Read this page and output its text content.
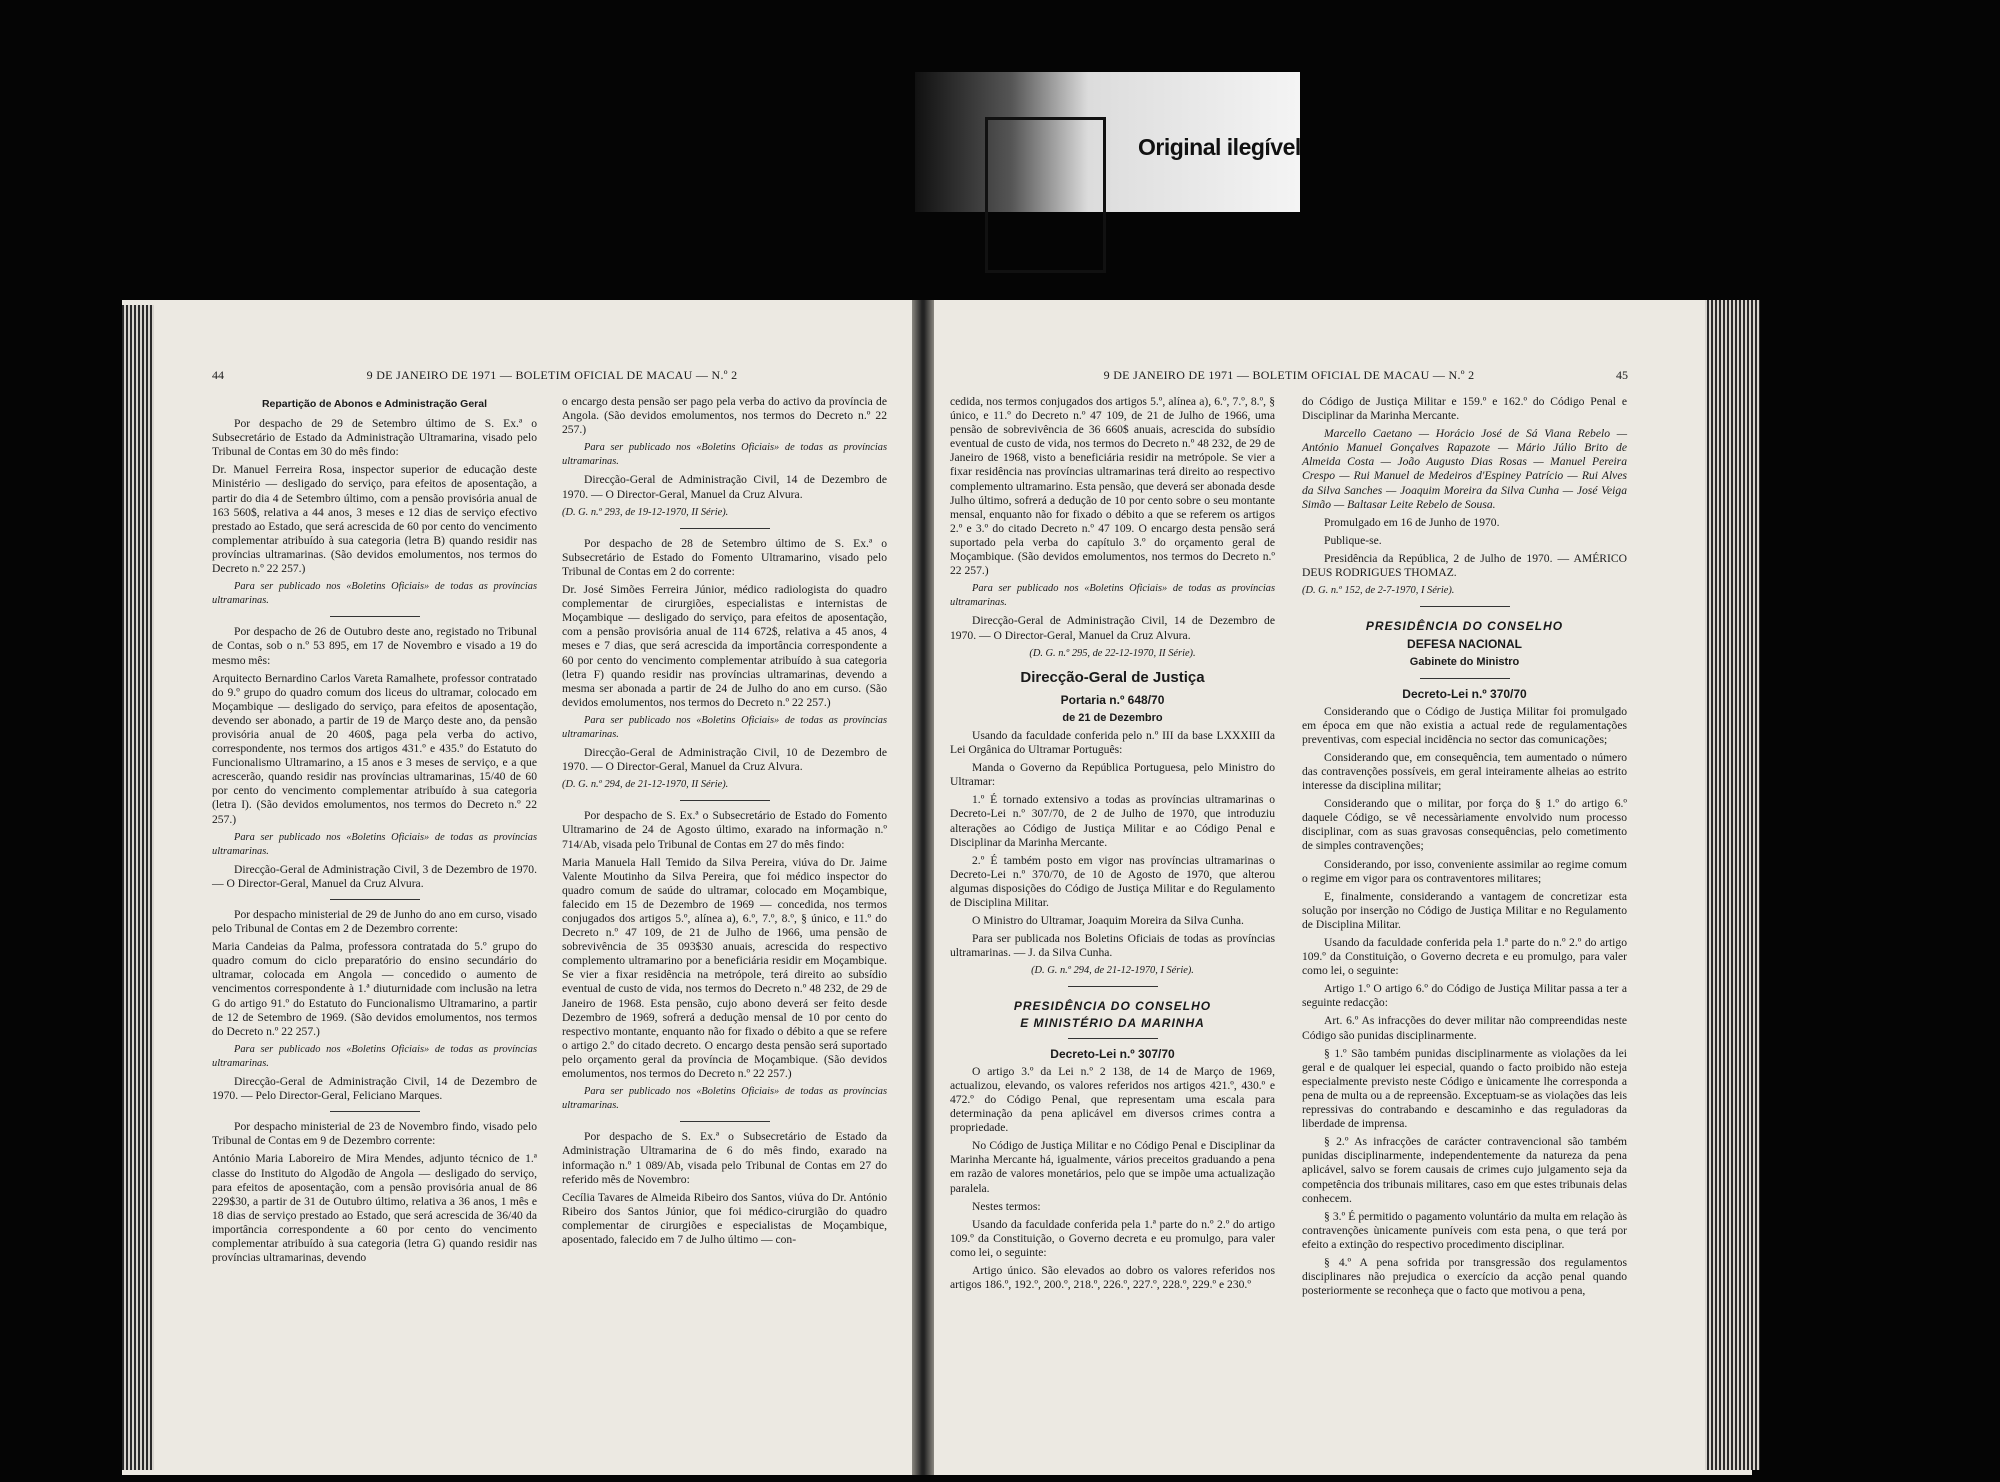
Original ilegível
44	9 DE JANEIRO DE 1971 — BOLETIM OFICIAL DE MACAU — N.º 2
Repartição de Abonos e Administração Geral

Por despacho de 29 de Setembro último de S. Ex.ª o Subsecretário de Estado da Administração Ultramarina, visado pelo Tribunal de Contas em 30 do mês findo:

Dr. Manuel Ferreira Rosa, inspector superior de educação deste Ministério — desligado do serviço, para efeitos de aposentação, a partir do dia 4 de Setembro último, com a pensão provisória anual de 163 560$, relativa a 44 anos, 3 meses e 12 dias de serviço efectivo prestado ao Estado, que será acrescida de 60 por cento do vencimento complementar atribuído à sua categoria (letra B) quando residir nas províncias ultramarinas. (São devidos emolumentos, nos termos do Decreto n.º 22 257.)

Para ser publicado nos «Boletins Oficiais» de todas as províncias ultramarinas.

Por despacho de 26 de Outubro deste ano, registado no Tribunal de Contas, sob o n.º 53 895, em 17 de Novembro e visado a 19 do mesmo mês:

Arquitecto Bernardino Carlos Vareta Ramalhete, professor contratado do 9.º grupo do quadro comum dos liceus do ultramar, colocado em Moçambique — desligado do serviço, para efeitos de aposentação, devendo ser abonado, a partir de 19 de Março deste ano, da pensão provisória anual de 20 460$, paga pela verba do activo, correspondente, nos termos dos artigos 431.º e 435.º do Estatuto do Funcionalismo Ultramarino, a 15 anos e 3 meses de serviço, e a que acrescerão, quando residir nas províncias ultramarinas, 15/40 de 60 por cento do vencimento complementar atribuído à sua categoria (letra I). (São devidos emolumentos, nos termos do Decreto n.º 22 257.)

Para ser publicado nos «Boletins Oficiais» de todas as províncias ultramarinas.

Direcção-Geral de Administração Civil, 3 de Dezembro de 1970. — O Director-Geral, Manuel da Cruz Alvura.

Por despacho ministerial de 29 de Junho do ano em curso, visado pelo Tribunal de Contas em 2 de Dezembro corrente:

Maria Candeias da Palma, professora contratada do 5.º grupo do quadro comum do ciclo preparatório do ensino secundário do ultramar, colocada em Angola — concedido o aumento de vencimentos correspondente à 1.ª diuturnidade com inclusão na letra G do artigo 91.º do Estatuto do Funcionalismo Ultramarino, a partir de 12 de Setembro de 1969. (São devidos emolumentos, nos termos do Decreto n.º 22 257.)

Para ser publicado nos «Boletins Oficiais» de todas as províncias ultramarinas.

Direcção-Geral de Administração Civil, 14 de Dezembro de 1970. — Pelo Director-Geral, Feliciano Marques.

Por despacho ministerial de 23 de Novembro findo, visado pelo Tribunal de Contas em 9 de Dezembro corrente:

António Maria Laboreiro de Mira Mendes, adjunto técnico de 1.ª classe do Instituto do Algodão de Angola — desligado do serviço, para efeitos de aposentação, com a pensão provisória anual de 86 229$30, a partir de 31 de Outubro último, relativa a 36 anos, 1 mês e 18 dias de serviço prestado ao Estado, que será acrescida de 36/40 da importância correspondente a 60 por cento do vencimento complementar atribuído à sua categoria (letra G) quando residir nas províncias ultramarinas, devendo

o encargo desta pensão ser pago pela verba do activo da província de Angola. (São devidos emolumentos, nos termos do Decreto n.º 22 257.)

Para ser publicado nos «Boletins Oficiais» de todas as províncias ultramarinas.

Direcção-Geral de Administração Civil, 14 de Dezembro de 1970. — O Director-Geral, Manuel da Cruz Alvura.

(D. G. n.º 293, de 19-12-1970, II Série).

Por despacho de 28 de Setembro último de S. Ex.ª o Subsecretário de Estado do Fomento Ultramarino, visado pelo Tribunal de Contas em 2 do corrente:

Dr. José Simões Ferreira Júnior, médico radiologista do quadro complementar de cirurgiões, especialistas e internistas de Moçambique — desligado do serviço, para efeitos de aposentação, com a pensão provisória anual de 114 672$, relativa a 45 anos, 4 meses e 7 dias, que será acrescida da importância correspondente a 60 por cento do vencimento complementar atribuído à sua categoria (letra F) quando residir nas províncias ultramarinas, devendo a mesma ser abonada a partir de 24 de Julho do ano em curso. (São devidos emolumentos, nos termos do Decreto n.º 22 257.)

Para ser publicado nos «Boletins Oficiais» de todas as províncias ultramarinas.

Direcção-Geral de Administração Civil, 10 de Dezembro de 1970. — O Director-Geral, Manuel da Cruz Alvura.

(D. G. n.º 294, de 21-12-1970, II Série).

Por despacho de S. Ex.ª o Subsecretário de Estado do Fomento Ultramarino de 24 de Agosto último, exarado na informação n.º 714/Ab, visada pelo Tribunal de Contas em 27 do mês findo:

Maria Manuela Hall Temido da Silva Pereira, viúva do Dr. Jaime Valente Moutinho da Silva Pereira, que foi médico inspector do quadro comum de saúde do ultramar, colocado em Moçambique, falecido em 15 de Dezembro de 1969 — concedida, nos termos conjugados dos artigos 5.º, alínea a), 6.º, 7.º, 8.º, § único, e 11.º do Decreto n.º 47 109, de 21 de Julho de 1966, uma pensão de sobrevivência de 35 093$30 anuais, acrescida do respectivo complemento ultramarino por a beneficiária residir em Moçambique. Se vier a fixar residência na metrópole, terá direito ao subsídio eventual de custo de vida, nos termos do Decreto n.º 48 232, de 29 de Janeiro de 1968. Esta pensão, cujo abono deverá ser feito desde Dezembro de 1969, sofrerá a dedução mensal de 10 por cento do respectivo montante, enquanto não for fixado o débito a que se refere o artigo 2.º do citado decreto. O encargo desta pensão será suportado pelo orçamento geral da província de Moçambique. (São devidos emolumentos, nos termos do Decreto n.º 22 257.)

Para ser publicado nos «Boletins Oficiais» de todas as províncias ultramarinas.

Por despacho de S. Ex.ª o Subsecretário de Estado da Administração Ultramarina de 6 do mês findo, exarado na informação n.º 1 089/Ab, visada pelo Tribunal de Contas em 27 do referido mês de Novembro:

Cecília Tavares de Almeida Ribeiro dos Santos, viúva do Dr. António Ribeiro dos Santos Júnior, que foi médico-cirurgião do quadro complementar de cirurgiões e especialistas de Moçambique, aposentado, falecido em 7 de Julho último — con-

9 DE JANEIRO DE 1971 — BOLETIM OFICIAL DE MACAU — N.º 2	45

cedida, nos termos conjugados dos artigos 5.º, alínea a), 6.º, 7.º, 8.º, § único, e 11.º do Decreto n.º 47 109, de 21 de Julho de 1966, uma pensão de sobrevivência de 36 660$ anuais, acrescida do subsídio eventual de custo de vida, nos termos do Decreto n.º 48 232, de 29 de Janeiro de 1968, visto a beneficiária residir na metrópole. Se vier a fixar residência nas províncias ultramarinas terá direito ao respectivo complemento ultramarino. Esta pensão, que deverá ser abonada desde Julho último, sofrerá a dedução de 10 por cento sobre o seu montante mensal, enquanto não for fixado o débito a que se referem os artigos 2.º e 3.º do citado Decreto n.º 47 109. O encargo desta pensão será suportado pela verba do capítulo 3.º do orçamento geral de Moçambique. (São devidos emolumentos, nos termos do Decreto n.º 22 257.)

Para ser publicado nos «Boletins Oficiais» de todas as províncias ultramarinas.

Direcção-Geral de Administração Civil, 14 de Dezembro de 1970. — O Director-Geral, Manuel da Cruz Alvura.

(D. G. n.º 295, de 22-12-1970, II Série).

Direcção-Geral de Justiça
Portaria n.º 648/70
de 21 de Dezembro

Usando da faculdade conferida pelo n.º III da base LXXXIII da Lei Orgânica do Ultramar Português:

Manda o Governo da República Portuguesa, pelo Ministro do Ultramar:

1.º É tornado extensivo a todas as províncias ultramarinas o Decreto-Lei n.º 307/70, de 2 de Julho de 1970, que introduziu alterações ao Código de Justiça Militar e ao Código Penal e Disciplinar da Marinha Mercante.

2.º É também posto em vigor nas províncias ultramarinas o Decreto-Lei n.º 370/70, de 10 de Agosto de 1970, que alterou algumas disposições do Código de Justiça Militar e do Regulamento de Disciplina Militar.

O Ministro do Ultramar, Joaquim Moreira da Silva Cunha.

Para ser publicada nos Boletins Oficiais de todas as províncias ultramarinas. — J. da Silva Cunha.

(D. G. n.º 294, de 21-12-1970, I Série).

PRESIDÊNCIA DO CONSELHO
E MINISTÉRIO DA MARINHA
Decreto-Lei n.º 307/70

O artigo 3.º da Lei n.º 2 138, de 14 de Março de 1969, actualizou, elevando, os valores referidos nos artigos 421.º, 430.º e 472.º do Código Penal, que representam uma escala para determinação da pena aplicável em diversos crimes contra a propriedade.

No Código de Justiça Militar e no Código Penal e Disciplinar da Marinha Mercante há, igualmente, vários preceitos graduando a pena em razão de valores monetários, pelo que se impõe uma actualização paralela.

Nestes termos:

Usando da faculdade conferida pela 1.ª parte do n.º 2.º do artigo 109.º da Constituição, o Governo decreta e eu promulgo, para valer como lei, o seguinte:

Artigo único. São elevados ao dobro os valores referidos nos artigos 186.º, 192.º, 200.º, 218.º, 226.º, 227.º, 228.º, 229.º e 230.º

do Código de Justiça Militar e 159.º e 162.º do Código Penal e Disciplinar da Marinha Mercante.

Marcello Caetano — Horácio José de Sá Viana Rebelo — António Manuel Gonçalves Rapazote — Mário Júlio Brito de Almeida Costa — João Augusto Dias Rosas — Manuel Pereira Crespo — Rui Manuel de Medeiros d'Espiney Patrício — Rui Alves da Silva Sanches — Joaquim Moreira da Silva Cunha — José Veiga Simão — Baltasar Leite Rebelo de Sousa.

Promulgado em 16 de Junho de 1970.

Publique-se.

Presidência da República, 2 de Julho de 1970. — AMÉRICO DEUS RODRIGUES THOMAZ.

(D. G. n.º 152, de 2-7-1970, I Série).

PRESIDÊNCIA DO CONSELHO
DEFESA NACIONAL
Gabinete do Ministro
Decreto-Lei n.º 370/70

Considerando que o Código de Justiça Militar foi promulgado em época em que não existia a actual rede de regulamentações preventivas, com especial incidência no sector das comunicações;

Considerando que, em consequência, tem aumentado o número das contravenções possíveis, em geral inteiramente alheias ao estrito interesse da disciplina militar;

Considerando que o militar, por força do § 1.º do artigo 6.º daquele Código, se vê necessàriamente envolvido num processo disciplinar, com as suas gravosas consequências, pelo cometimento de simples contravenções;

Considerando, por isso, conveniente assimilar ao regime comum o regime em vigor para os contraventores militares;

E, finalmente, considerando a vantagem de concretizar esta solução por inserção no Código de Justiça Militar e no Regulamento de Disciplina Militar.

Usando da faculdade conferida pela 1.ª parte do n.º 2.º do artigo 109.º da Constituição, o Governo decreta e eu promulgo, para valer como lei, o seguinte:

Artigo 1.º O artigo 6.º do Código de Justiça Militar passa a ter a seguinte redacção:

Art. 6.º As infracções do dever militar não compreendidas neste Código são punidas disciplinarmente.

§ 1.º São também punidas disciplinarmente as violações da lei geral e de qualquer lei especial, quando o facto proibido não esteja especialmente previsto neste Código e ùnicamente lhe corresponda a pena de multa ou a de repreensão. Exceptuam-se as violações das leis repressivas do contrabando e descaminho e das reguladoras da liberdade de imprensa.

§ 2.º As infracções de carácter contravencional são também punidas disciplinarmente, independentemente da natureza da pena aplicável, salvo se forem causais de crimes cujo julgamento seja da competência dos tribunais militares, caso em que estes tribunais delas conhecem.

§ 3.º É permitido o pagamento voluntário da multa em relação às contravenções ùnicamente puníveis com esta pena, o que terá por efeito a extinção do respectivo procedimento disciplinar.

§ 4.º A pena sofrida por transgressão dos regulamentos disciplinares não prejudica o exercício da acção penal quando posteriormente se reconheça que o facto que motivou a pena,
